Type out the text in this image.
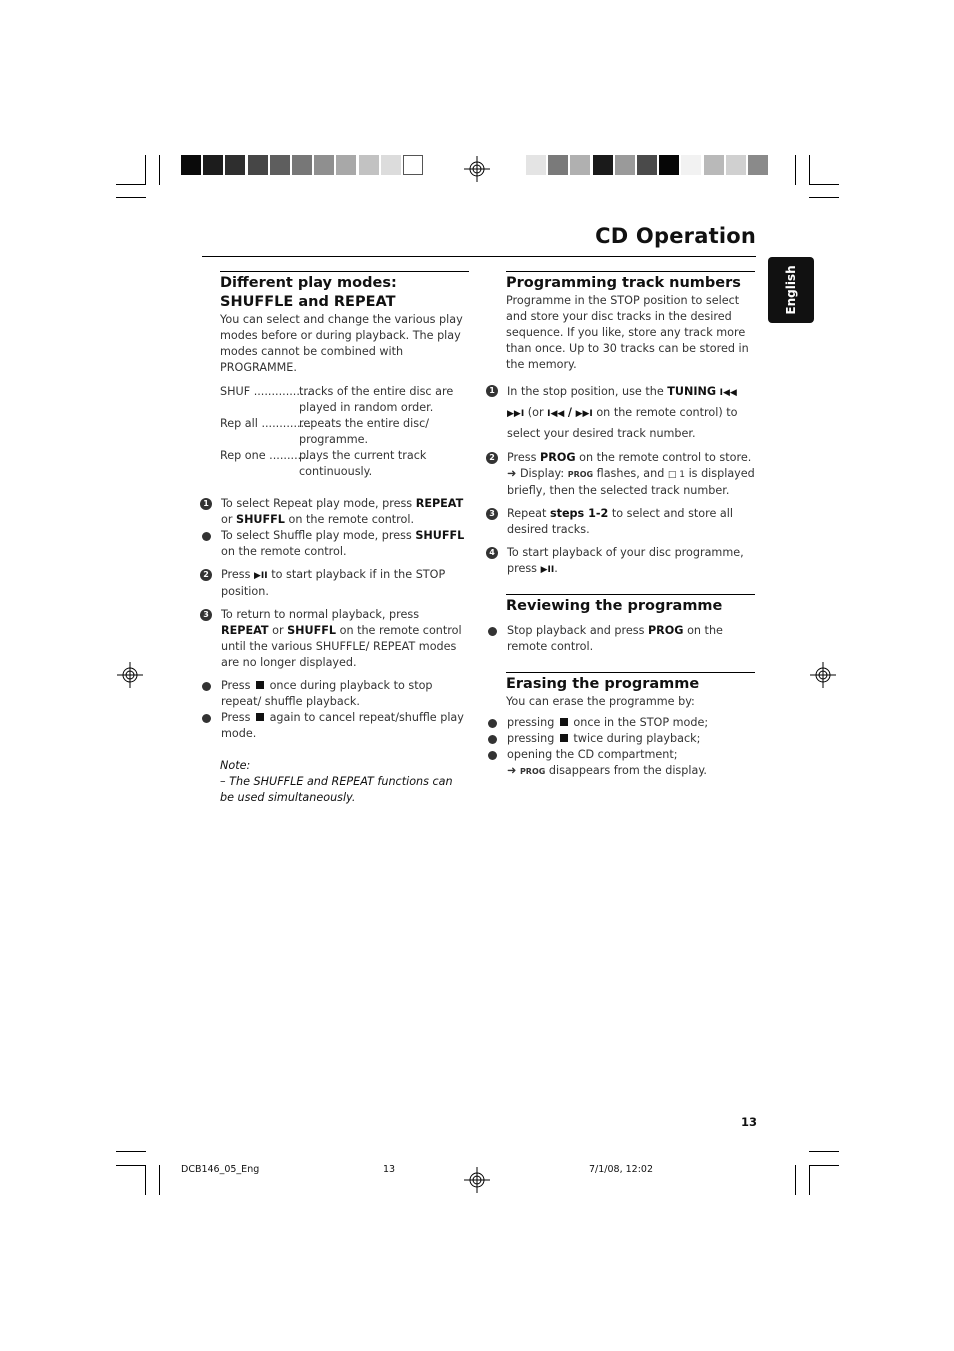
CD Operation
English
Different play modes: SHUFFLE and REPEAT

You can select and change the various play modes before or during playback. The play modes cannot be combined with PROGRAMME.

SHUF ................
tracks of the entire disc are played in random order.
Rep all ..............
repeats the entire disc/ programme.
Rep one ...........
plays the current track continuously.
1 To select Repeat play mode, press REPEAT or SHUFFL on the remote control.
To select Shuffle play mode, press SHUFFL on the remote control.
2 Press ▶II to start playback if in the STOP position.
3 To return to normal playback, press REPEAT or SHUFFL on the remote control until the various SHUFFLE/ REPEAT modes are no longer displayed.
Press once during playback to stop repeat/ shuffle playback.
Press again to cancel repeat/shuffle play mode.
Note:
– The SHUFFLE and REPEAT functions can be used simultaneously.
Programming track numbers

Programme in the STOP position to select and store your disc tracks in the desired sequence. If you like, store any track more than once. Up to 30 tracks can be stored in the memory.

1 In the stop position, use the TUNING I◀◀ ▶▶I (or I◀◀ / ▶▶I on the remote control) to select your desired track number.
2 Press PROG on the remote control to store.
➜ Display: PROG flashes, and □ 1 is displayed briefly, then the selected track number.
3 Repeat steps 1-2 to select and store all desired tracks.
4 To start playback of your disc programme, press ▶II.
Reviewing the programme
Stop playback and press PROG on the remote control.
Erasing the programme

You can erase the programme by:

pressing once in the STOP mode;
pressing twice during playback;
opening the CD compartment;
➜ PROG disappears from the display.
13
DCB146_05_Eng	13	7/1/08, 12:02
